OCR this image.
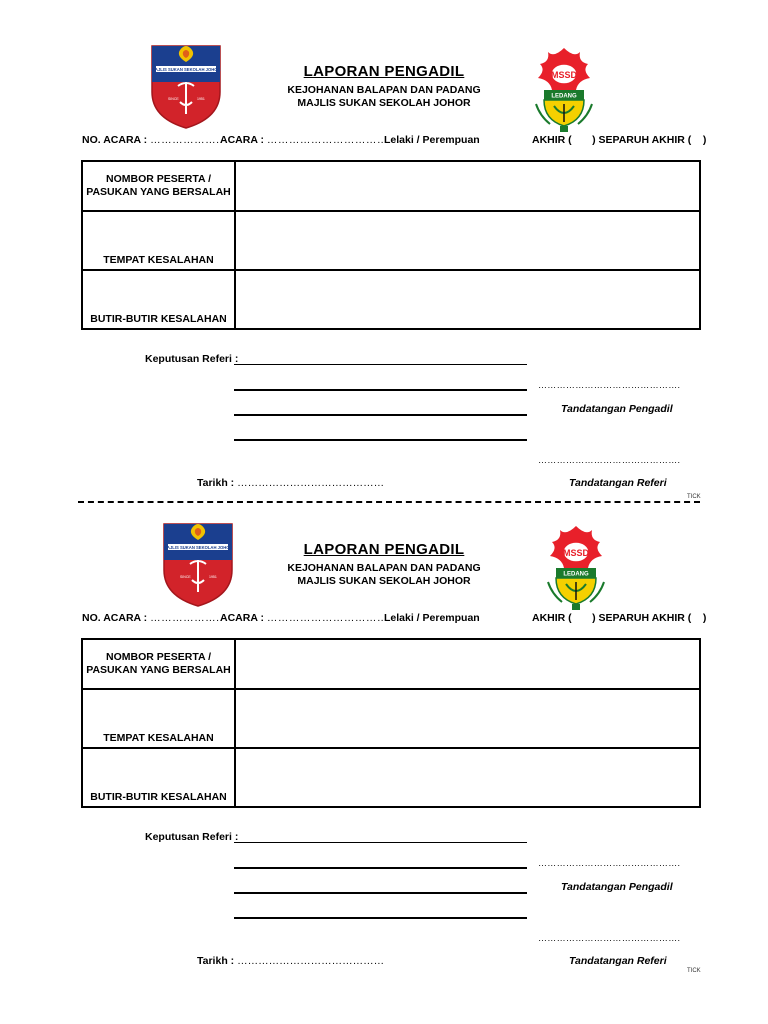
MAJLIS SUKAN SEKOLAH JOHOR
SINCE	1951
LAPORAN PENGADIL
KEJOHANAN BALAPAN DAN PADANG
MAJLIS SUKAN SEKOLAH JOHOR
MSSD
LEDANG
NO. ACARA : ………………..
ACARA : ……………………………
Lelaki / Perempuan	AKHIR (       ) SEPARUH AKHIR (    )
NOMBOR PESERTA /
PASUKAN YANG BERSALAH	
TEMPAT KESALAHAN	
BUTIR-BUTIR KESALAHAN	
Keputusan Referi :
……………………………………….
Tandatangan Pengadil
……………………………………….
Tarikh : ……………………………………	Tandatangan Referi
TICK
MAJLIS SUKAN SEKOLAH JOHOR
SINCE	1951
LAPORAN PENGADIL
KEJOHANAN BALAPAN DAN PADANG
MAJLIS SUKAN SEKOLAH JOHOR
MSSD
LEDANG
NO. ACARA : ………………..
ACARA : ……………………………
Lelaki / Perempuan	AKHIR (       ) SEPARUH AKHIR (    )
NOMBOR PESERTA /
PASUKAN YANG BERSALAH	
TEMPAT KESALAHAN	
BUTIR-BUTIR KESALAHAN	
Keputusan Referi :
……………………………………….
Tandatangan Pengadil
……………………………………….
Tarikh : ……………………………………	Tandatangan Referi
TICK
